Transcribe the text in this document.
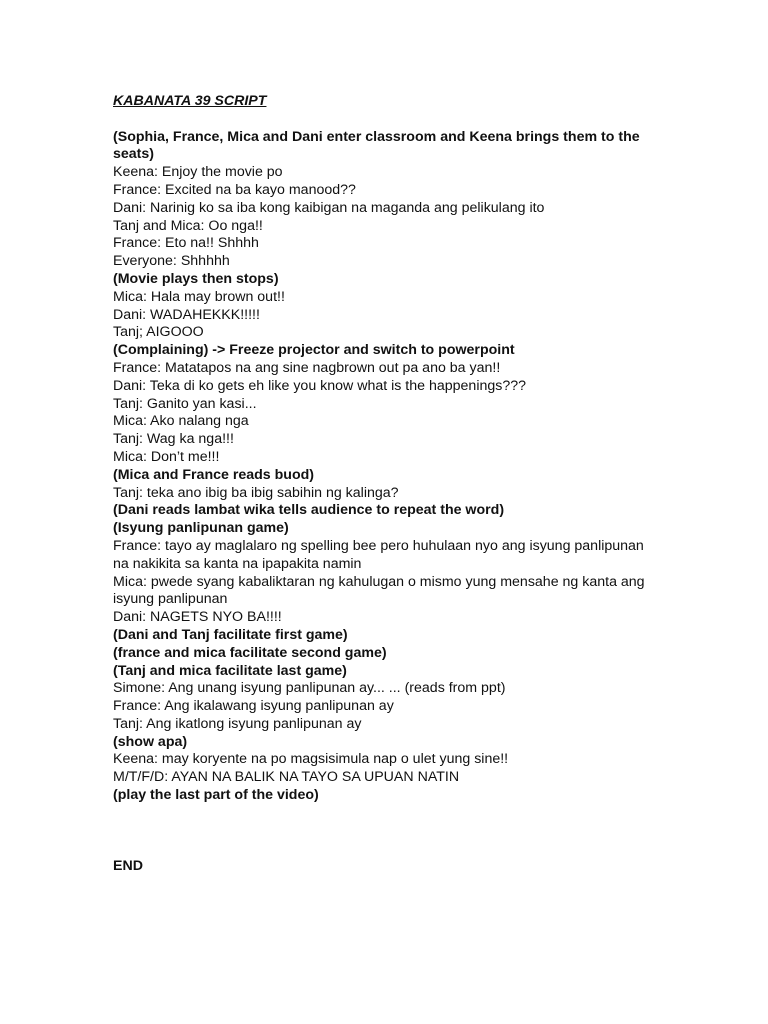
KABANATA 39 SCRIPT

(Sophia, France, Mica and Dani enter classroom and Keena brings them to the seats)

Keena: Enjoy the movie po

France: Excited na ba kayo manood??

Dani: Narinig ko sa iba kong kaibigan na maganda ang pelikulang ito

Tanj and Mica: Oo nga!!

France: Eto na!! Shhhh

Everyone: Shhhhh

(Movie plays then stops)

Mica: Hala may brown out!!

Dani: WADAHEKKK!!!!!

Tanj; AIGOOO

(Complaining) -> Freeze projector and switch to powerpoint

France: Matatapos na ang sine nagbrown out pa ano ba yan!!

Dani: Teka di ko gets eh like you know what is the happenings???

Tanj: Ganito yan kasi...

Mica: Ako nalang nga

Tanj: Wag ka nga!!!

Mica: Don’t me!!!

(Mica and France reads buod)

Tanj: teka ano ibig ba ibig sabihin ng kalinga?

(Dani reads lambat wika tells audience to repeat the word)

(Isyung panlipunan game)

France: tayo ay maglalaro ng spelling bee pero huhulaan nyo ang isyung panlipunan na nakikita sa kanta na ipapakita namin

Mica: pwede syang kabaliktaran ng kahulugan o mismo yung mensahe ng kanta ang isyung panlipunan

Dani: NAGETS NYO BA!!!!

(Dani and Tanj facilitate first game)

(france and mica facilitate second game)

(Tanj and mica facilitate last game)

Simone: Ang unang isyung panlipunan ay... ... (reads from ppt)

France: Ang ikalawang isyung panlipunan ay

Tanj: Ang ikatlong isyung panlipunan ay

(show apa)

Keena: may koryente na po magsisimula nap o ulet yung sine!!

M/T/F/D: AYAN NA BALIK NA TAYO SA UPUAN NATIN

(play the last part of the video)

END
